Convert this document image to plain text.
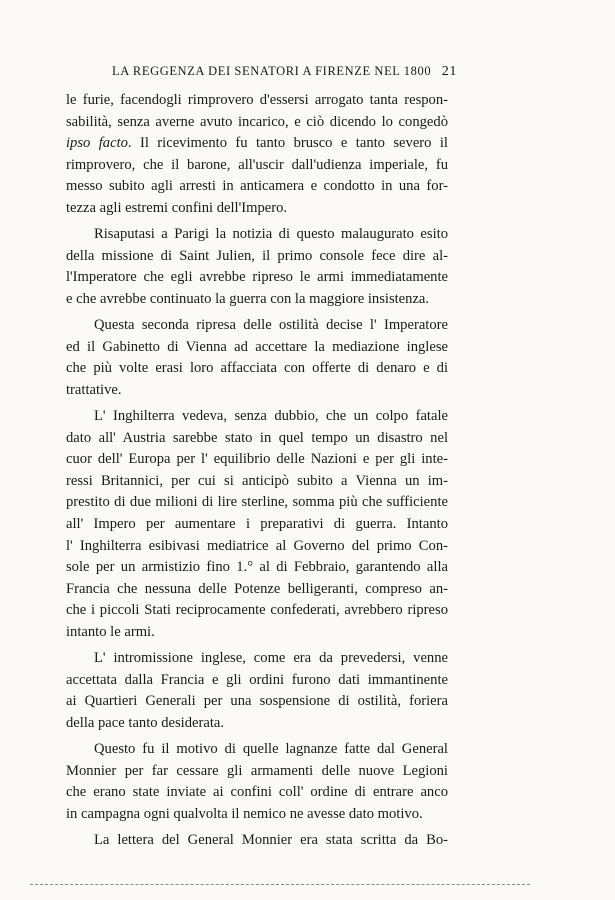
LA REGGENZA DEI SENATORI A FIRENZE NEL 1800 21
le furie, facendogli rimprovero d'essersi arrogato tanta respon-
sabilità, senza averne avuto incarico, e ciò dicendo lo congedò
ipso facto. Il ricevimento fu tanto brusco e tanto severo il
rimprovero, che il barone, all'uscir dall'udienza imperiale, fu
messo subito agli arresti in anticamera e condotto in una for-
tezza agli estremi confini dell'Impero.
Risaputasi a Parigi la notizia di questo malaugurato esito
della missione di Saint Julien, il primo console fece dire al-
l'Imperatore che egli avrebbe ripreso le armi immediatamente
e che avrebbe continuato la guerra con la maggiore insistenza.
Questa seconda ripresa delle ostilità decise l' Imperatore
ed il Gabinetto di Vienna ad accettare la mediazione inglese
che più volte erasi loro affacciata con offerte di denaro e di
trattative.
L' Inghilterra vedeva, senza dubbio, che un colpo fatale
dato all' Austria sarebbe stato in quel tempo un disastro nel
cuor dell' Europa per l' equilibrio delle Nazioni e per gli inte-
ressi Britannici, per cui si anticipò subito a Vienna un im-
prestito di due milioni di lire sterline, somma più che sufficiente
all' Impero per aumentare i preparativi di guerra. Intanto
l' Inghilterra esibivasi mediatrice al Governo del primo Con-
sole per un armistizio fino 1.° al di Febbraio, garantendo alla
Francia che nessuna delle Potenze belligeranti, compreso an-
che i piccoli Stati reciprocamente confederati, avrebbero ripreso
intanto le armi.
L' intromissione inglese, come era da prevedersi, venne
accettata dalla Francia e gli ordini furono dati immantinente
ai Quartieri Generali per una sospensione di ostilità, foriera
della pace tanto desiderata.
Questo fu il motivo di quelle lagnanze fatte dal General
Monnier per far cessare gli armamenti delle nuove Legioni
che erano state inviate ai confini coll' ordine di entrare anco
in campagna ogni qualvolta il nemico ne avesse dato motivo.
La lettera del General Monnier era stata scritta da Bo-
